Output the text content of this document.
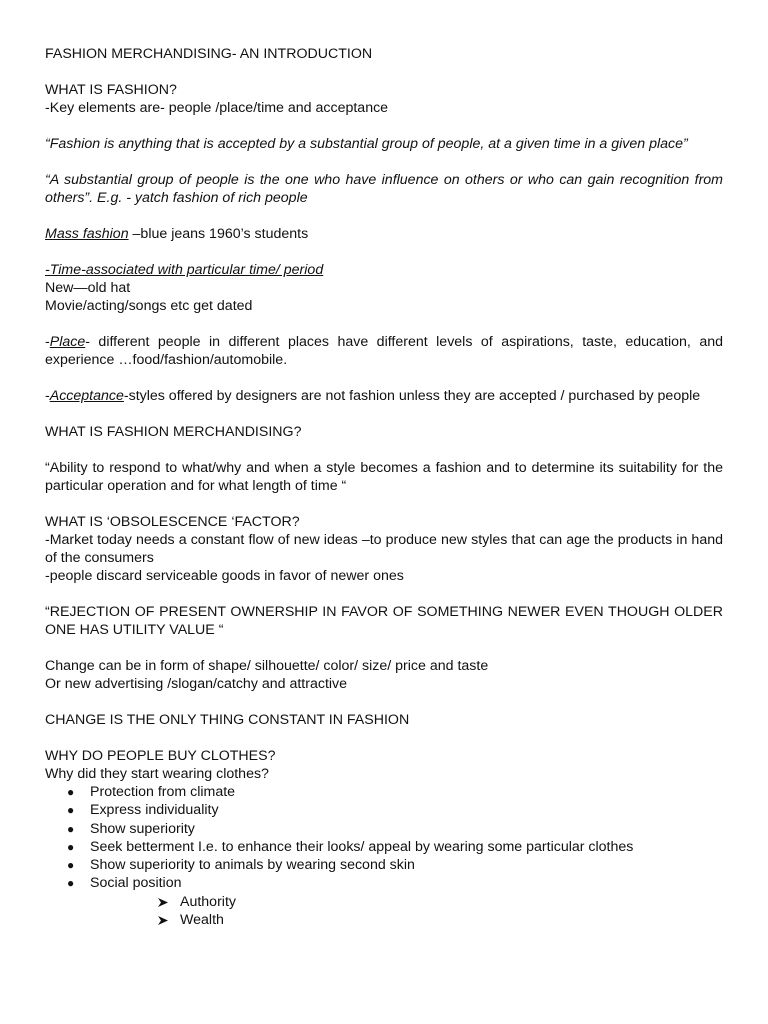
FASHION MERCHANDISING- AN INTRODUCTION

WHAT IS FASHION?

-Key elements are- people /place/time and acceptance

“Fashion is anything that is accepted by a substantial group of people, at a given time in a given place”

“A substantial group of people is the one who have influence on others or who can gain recognition from others”. E.g. - yatch fashion of rich people

Mass fashion –blue jeans 1960’s students

-Time-associated with particular time/ period

New—old hat

Movie/acting/songs etc get dated

-Place- different people in different places have different levels of aspirations, taste, education, and experience …food/fashion/automobile.

-Acceptance-styles offered by designers are not fashion unless they are accepted / purchased by people

WHAT IS FASHION MERCHANDISING?

“Ability to respond to what/why and when a style becomes a fashion and to determine its suitability for the particular operation and for what length of time “

WHAT IS ‘OBSOLESCENCE ‘FACTOR?

-Market today needs a constant flow of new ideas –to produce new styles that can age the products in hand of the consumers

-people discard serviceable goods in favor of newer ones

“REJECTION OF PRESENT OWNERSHIP IN FAVOR OF SOMETHING NEWER EVEN THOUGH OLDER ONE HAS UTILITY VALUE “

Change can be in form of shape/ silhouette/ color/ size/ price and taste

Or new advertising /slogan/catchy and attractive

CHANGE IS THE ONLY THING CONSTANT IN FASHION

WHY DO PEOPLE BUY CLOTHES?

Why did they start wearing clothes?

● Protection from climate
● Express individuality
● Show superiority
● Seek betterment I.e. to enhance their looks/ appeal by wearing some particular clothes
● Show superiority to animals by wearing second skin
● Social position
Authority
Wealth
